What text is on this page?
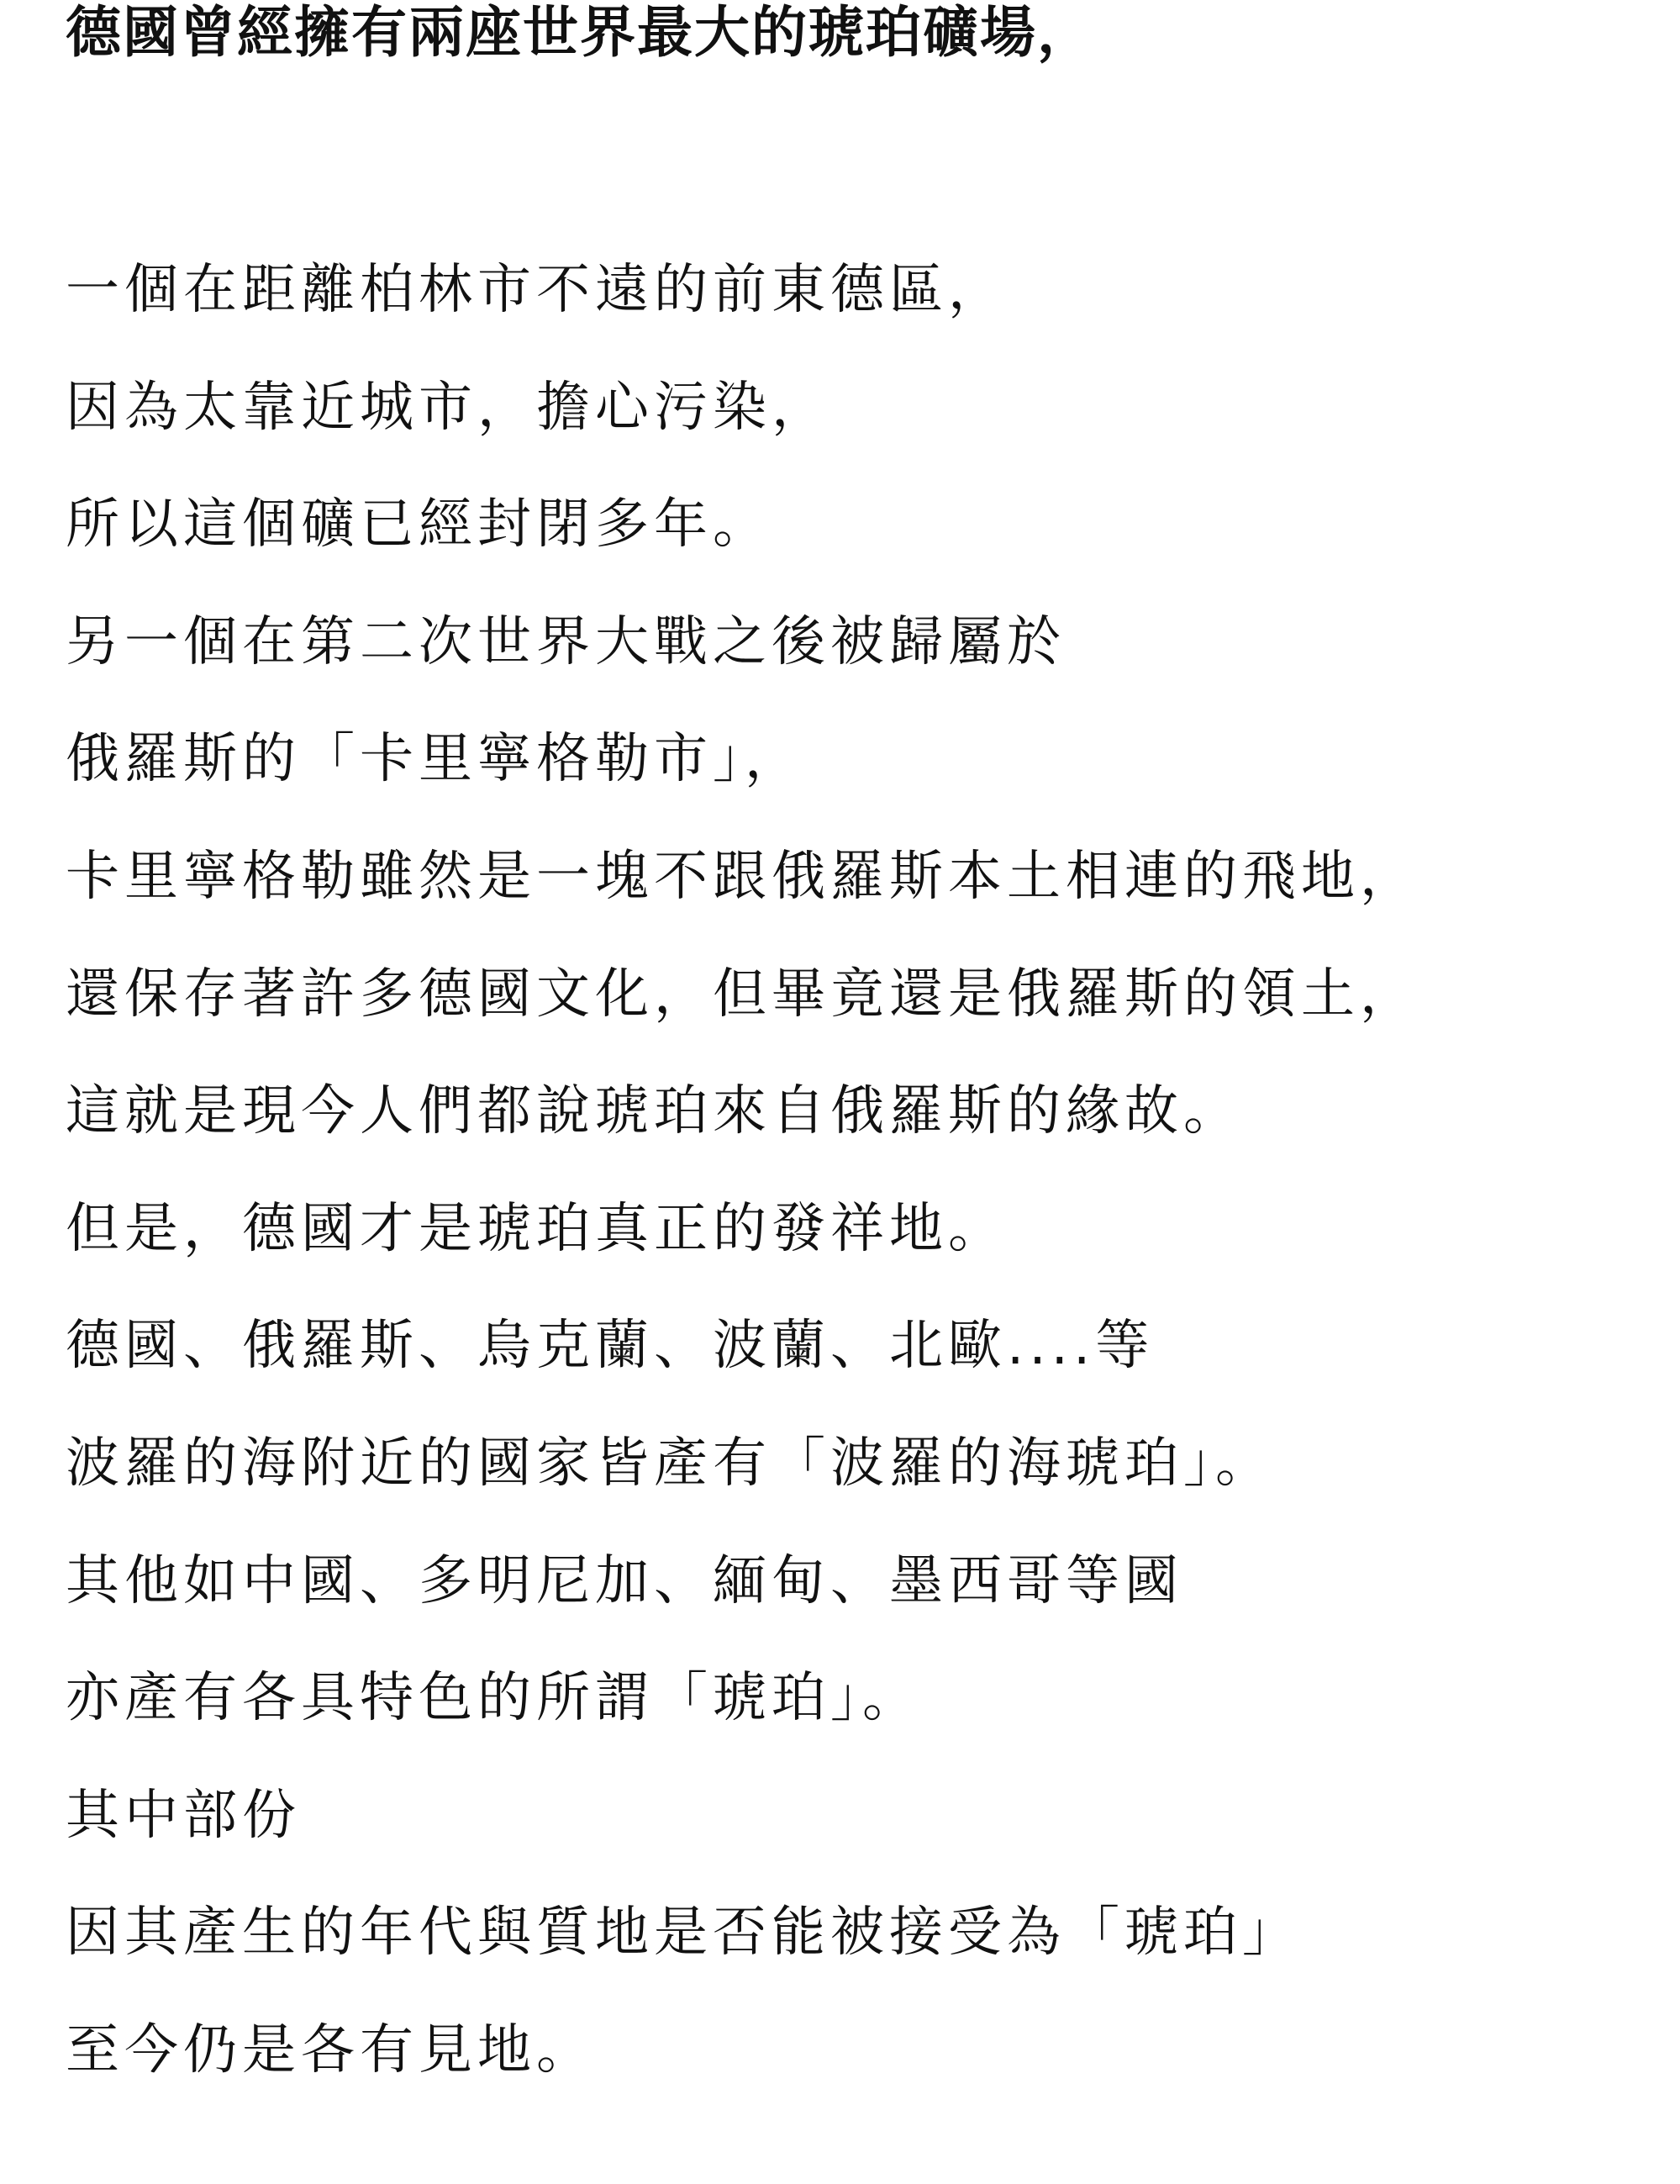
德國曾經擁有兩座世界最大的琥珀礦場，
一個在距離柏林市不遠的前東德區，
因為太靠近城市，擔心污染，
所以這個礦已經封閉多年。
另一個在第二次世界大戰之後被歸屬於
俄羅斯的「卡里寧格勒市」，
卡里寧格勒雖然是一塊不跟俄羅斯本土相連的飛地，
還保存著許多德國文化，但畢竟還是俄羅斯的領土，
這就是現今人們都說琥珀來自俄羅斯的緣故。
但是，德國才是琥珀真正的發祥地。
德國、俄羅斯、烏克蘭、波蘭、北歐....等
波羅的海附近的國家皆產有「波羅的海琥珀」。
其他如中國、多明尼加、緬甸、墨西哥等國
亦產有各具特色的所謂「琥珀」。
其中部份
因其產生的年代與質地是否能被接受為「琥珀」
至今仍是各有見地。
